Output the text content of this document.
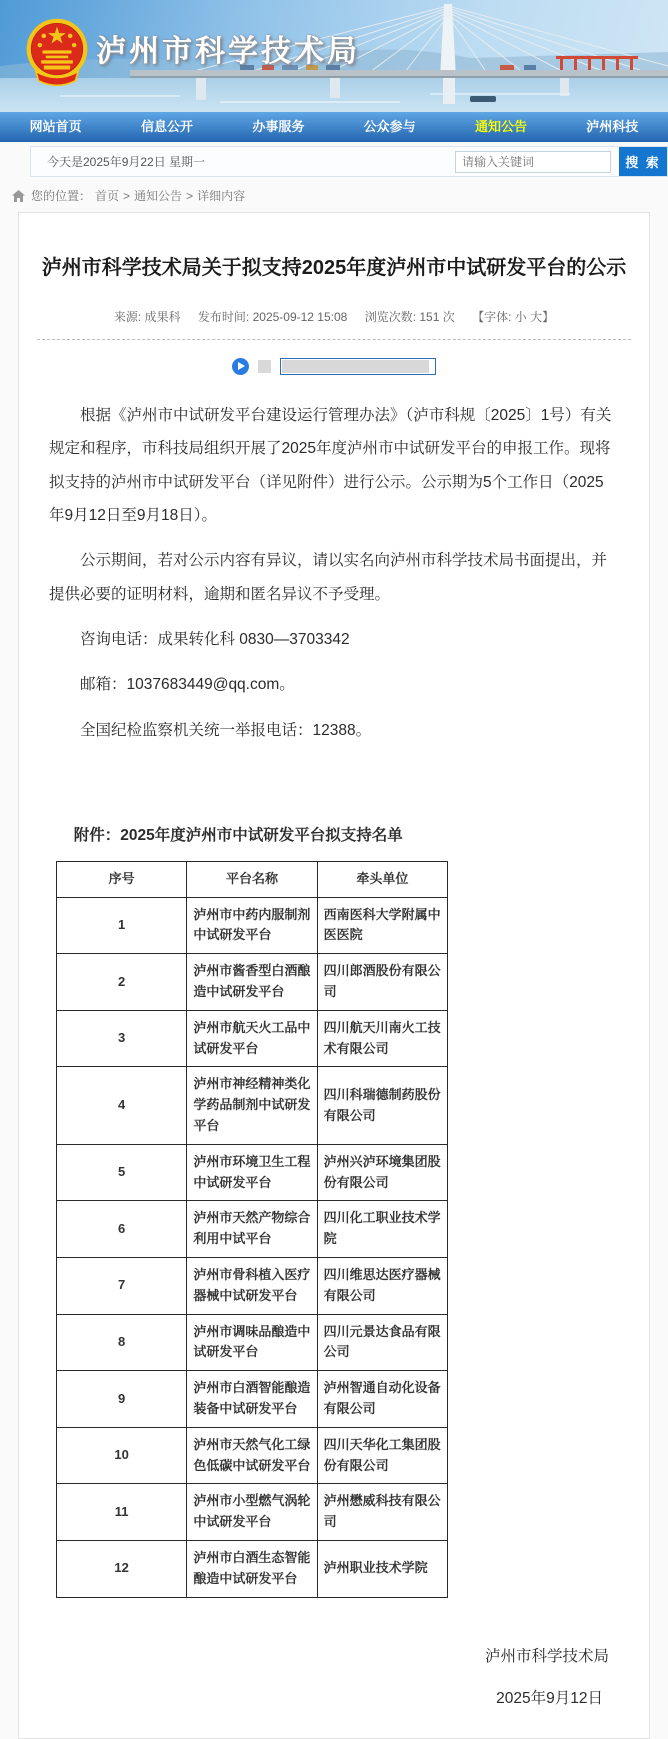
泸州市科学技术局
网站首页	信息公开	办事服务	公众参与	通知公告	泸州科技
今天是2025年9月22日 星期一
请输入关键词	搜 索
您的位置： 首页 > 通知公告 > 详细内容
泸州市科学技术局关于拟支持2025年度泸州市中试研发平台的公示
来源: 成果科 发布时间: 2025-09-12 15:08 浏览次数: 151 次 【字体: 小 大】

根据《泸州市中试研发平台建设运行管理办法》（泸市科规〔2025〕1号）有关规定和程序，市科技局组织开展了2025年度泸州市中试研发平台的申报工作。现将拟支持的泸州市中试研发平台（详见附件）进行公示。公示期为5个工作日（2025年9月12日至9月18日）。

公示期间，若对公示内容有异议，请以实名向泸州市科学技术局书面提出，并提供必要的证明材料，逾期和匿名异议不予受理。

咨询电话：成果转化科 0830—3703342

邮箱：1037683449@qq.com。

全国纪检监察机关统一举报电话：12388。

附件：2025年度泸州市中试研发平台拟支持名单
序号	平台名称	牵头单位
1	泸州市中药内服制剂中试研发平台	西南医科大学附属中医医院
2	泸州市酱香型白酒酿造中试研发平台	四川郎酒股份有限公司
3	泸州市航天火工品中试研发平台	四川航天川南火工技术有限公司
4	泸州市神经精神类化学药品制剂中试研发平台	四川科瑞德制药股份有限公司
5	泸州市环境卫生工程中试研发平台	泸州兴泸环境集团股份有限公司
6	泸州市天然产物综合利用中试平台	四川化工职业技术学院
7	泸州市骨科植入医疗器械中试研发平台	四川维思达医疗器械有限公司
8	泸州市调味品酿造中试研发平台	四川元景达食品有限公司
9	泸州市白酒智能酿造装备中试研发平台	泸州智通自动化设备有限公司
10	泸州市天然气化工绿色低碳中试研发平台	四川天华化工集团股份有限公司
11	泸州市小型燃气涡轮中试研发平台	泸州懋威科技有限公司
12	泸州市白酒生态智能酿造中试研发平台	泸州职业技术学院
泸州市科学技术局
2025年9月12日
